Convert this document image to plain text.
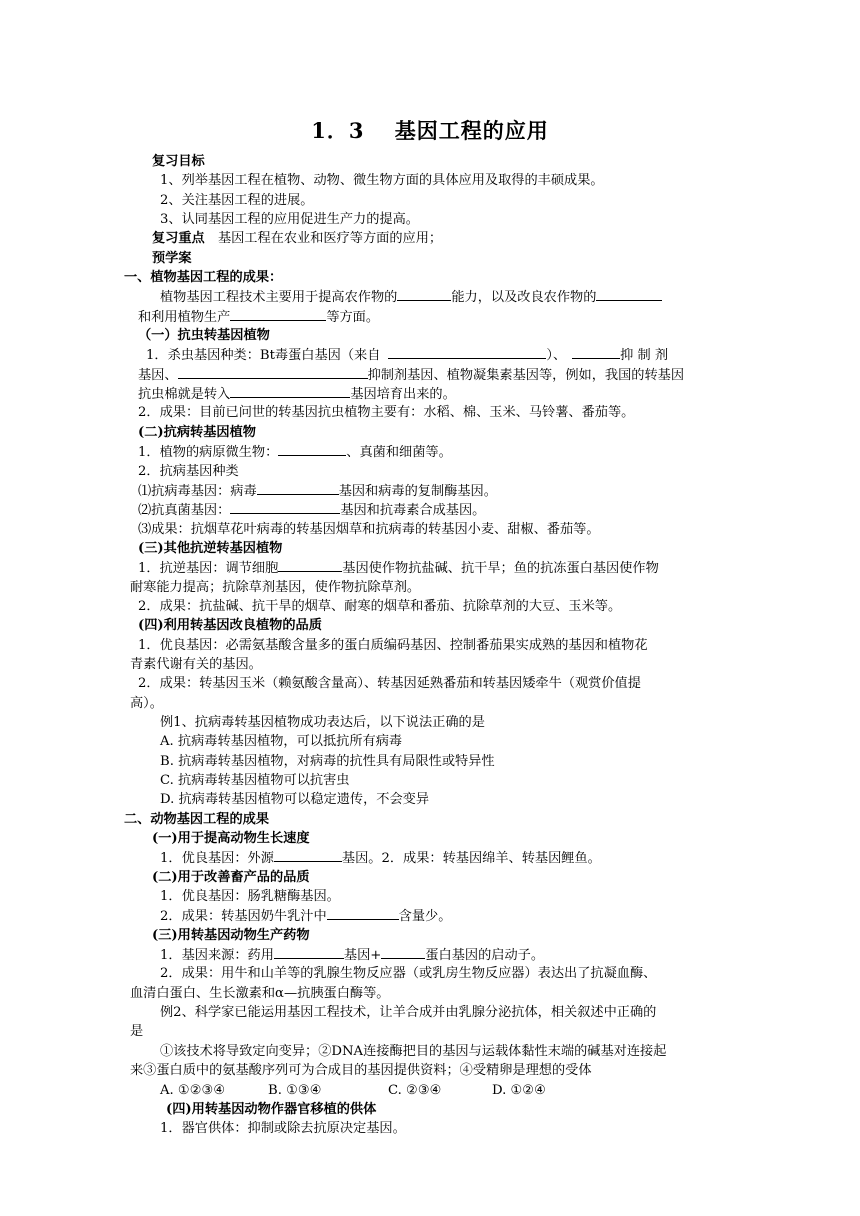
1．3　 基因工程的应用
复习目标
1、列举基因工程在植物、动物、微生物方面的具体应用及取得的丰硕成果。
2、关注基因工程的进展。
3、认同基因工程的应用促进生产力的提高。
复习重点　 基因工程在农业和医疗等方面的应用；
预学案
一、植物基因工程的成果：
植物基因工程技术主要用于提高农作物的	能力，以及改良农作物的
和利用植物生产	等方面。
（一）抗虫转基因植物
1．杀虫基因种类：Bt毒蛋白基因（来自	）、	抑 制 剂
基因、	抑制剂基因、植物凝集素基因等，例如，我国的转基因
抗虫棉就是转入	基因培育出来的。
2．成果：目前已问世的转基因抗虫植物主要有：水稻、棉、玉米、马铃薯、番茄等。
(二)抗病转基因植物
1．植物的病原微生物：	、真菌和细菌等。
2．抗病基因种类
⑴抗病毒基因：病毒	基因和病毒的复制酶基因。
⑵抗真菌基因：	基因和抗毒素合成基因。
⑶成果：抗烟草花叶病毒的转基因烟草和抗病毒的转基因小麦、甜椒、番茄等。
(三)其他抗逆转基因植物
1．抗逆基因：调节细胞	基因使作物抗盐碱、抗干旱；鱼的抗冻蛋白基因使作物
耐寒能力提高；抗除草剂基因，使作物抗除草剂。
2．成果：抗盐碱、抗干旱的烟草、耐寒的烟草和番茄、抗除草剂的大豆、玉米等。
(四)利用转基因改良植物的品质
1．优良基因：必需氨基酸含量多的蛋白质编码基因、控制番茄果实成熟的基因和植物花
青素代谢有关的基因。
2．成果：转基因玉米（赖氨酸含量高）、转基因延熟番茄和转基因矮牵牛（观赏价值提
高）。
例1、抗病毒转基因植物成功表达后，以下说法正确的是
A. 抗病毒转基因植物，可以抵抗所有病毒
B. 抗病毒转基因植物，对病毒的抗性具有局限性或特异性
C. 抗病毒转基因植物可以抗害虫
D. 抗病毒转基因植物可以稳定遗传，不会变异
二、动物基因工程的成果
(一)用于提高动物生长速度
1．优良基因：外源	基因。2．成果：转基因绵羊、转基因鲤鱼。
(二)用于改善畜产品的品质
1．优良基因：肠乳糖酶基因。
2．成果：转基因奶牛乳汁中	含量少。
(三)用转基因动物生产药物
1．基因来源：药用	基因+	蛋白基因的启动子。
2．成果：用牛和山羊等的乳腺生物反应器（或乳房生物反应器）表达出了抗凝血酶、
血清白蛋白、生长激素和α—抗胰蛋白酶等。
例2、科学家已能运用基因工程技术，让羊合成并由乳腺分泌抗体，相关叙述中正确的
是
①该技术将导致定向变异；②DNA连接酶把目的基因与运载体黏性末端的碱基对连接起
来③蛋白质中的氨基酸序列可为合成目的基因提供资料；④受精卵是理想的受体
A. ①②③④	B. ①③④	C. ②③④	D. ①②④
(四)用转基因动物作器官移植的供体
1．器官供体：抑制或除去抗原决定基因。
